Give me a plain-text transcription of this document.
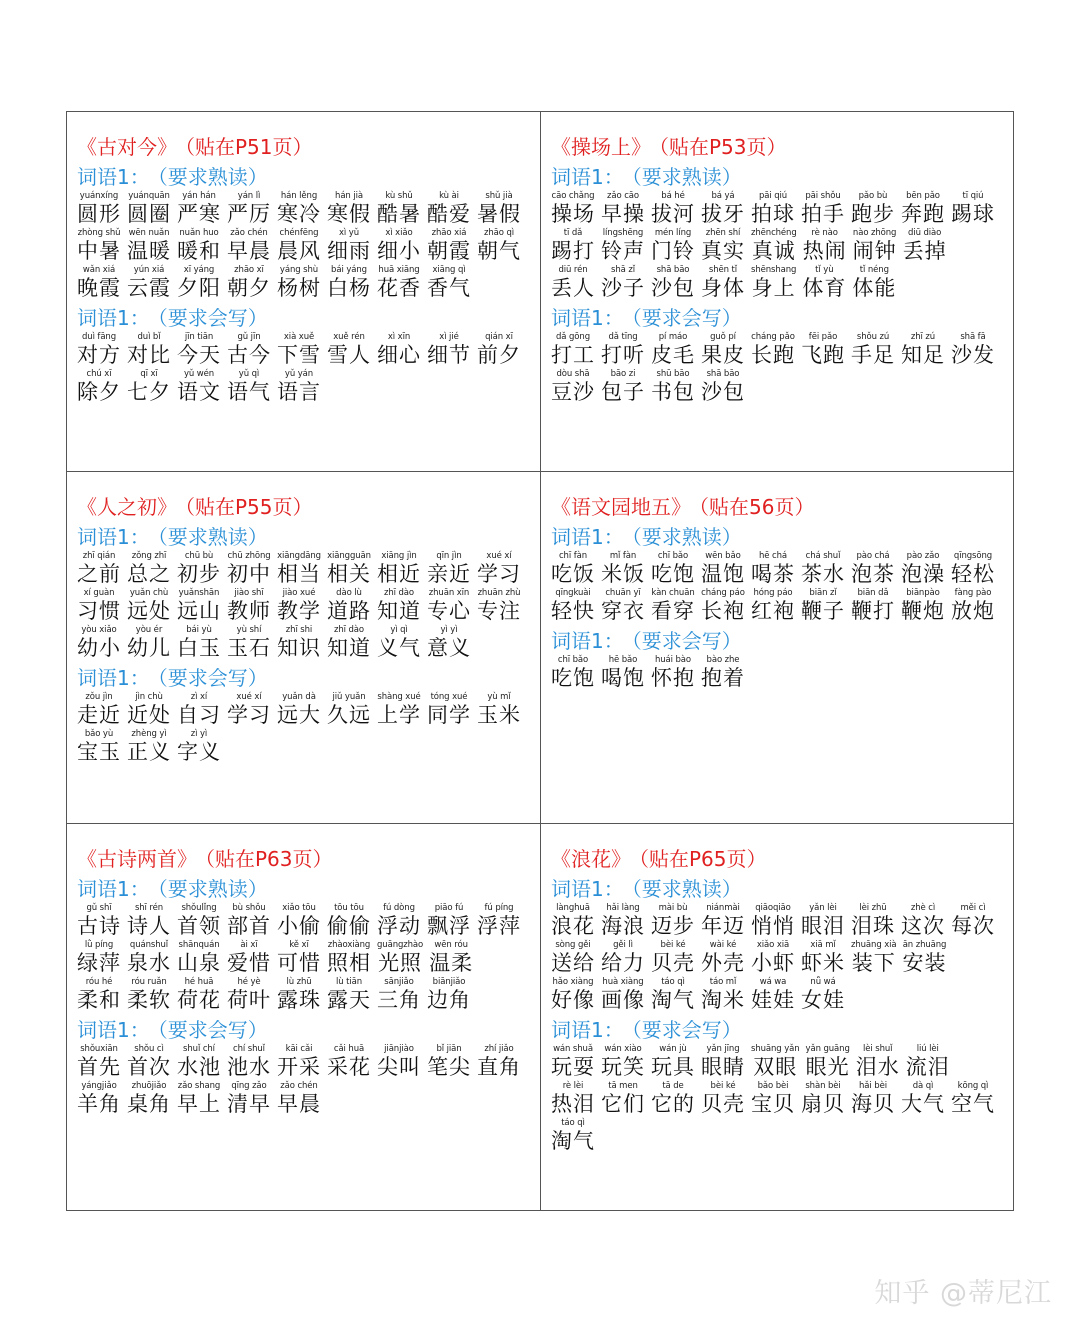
《古对今》 （贴在P51页）
词语1： （要求熟读）
yuánxíng
圆形
yuánquān
圆圈
yán hán
严寒
yán lì
严厉
hán lěng
寒冷
hán jià
寒假
kù shǔ
酷暑
kù ài
酷爱
shǔ jià
暑假
zhòng shǔ
中暑
wēn nuǎn
温暖
nuǎn huo
暖和
zǎo chén
早晨
chénfēng
晨风
xì yǔ
细雨
xì xiǎo
细小
zhāo xiá
朝霞
zhāo qì
朝气
wǎn xiá
晚霞
yún xiá
云霞
xī yáng
夕阳
zhāo xī
朝夕
yáng shù
杨树
bái yáng
白杨
huā xiāng
花香
xiāng qì
香气
词语1： （要求会写）
duì fāng
对方
duì bǐ
对比
jīn tiān
今天
gǔ jīn
古今
xià xuě
下雪
xuě rén
雪人
xì xīn
细心
xì jié
细节
qián xī
前夕
chú xī
除夕
qī xī
七夕
yǔ wén
语文
yǔ qì
语气
yǔ yán
语言
《操场上》 （贴在P53页）
词语1： （要求熟读）
cāo chǎng
操场
zǎo cāo
早操
bá hé
拔河
bá yá
拔牙
pāi qiú
拍球
pāi shǒu
拍手
pǎo bù
跑步
bēn pǎo
奔跑
tī qiú
踢球
tī dǎ
踢打
língshēng
铃声
mén líng
门铃
zhēn shí
真实
zhēnchéng
真诚
rè nào
热闹
nào zhōng
闹钟
diū diào
丢掉
diū rén
丢人
shā zǐ
沙子
shā bāo
沙包
shēn tǐ
身体
shēnshang
身上
tǐ yù
体育
tǐ néng
体能
词语1： （要求会写）
dǎ gōng
打工
dǎ tīng
打听
pí máo
皮毛
guǒ pí
果皮
cháng pǎo
长跑
fēi pǎo
飞跑
shǒu zú
手足
zhī zú
知足
shā fā
沙发
dòu shā
豆沙
bāo zi
包子
shū bāo
书包
shā bāo
沙包
《人之初》 （贴在P55页）
词语1： （要求熟读）
zhī qián
之前
zǒng zhī
总之
chū bù
初步
chū zhōng
初中
xiāngdāng
相当
xiāngguān
相关
xiāng jìn
相近
qīn jìn
亲近
xué xí
学习
xí guàn
习惯
yuǎn chù
远处
yuǎnshān
远山
jiào shī
教师
jiào xué
教学
dào lù
道路
zhī dào
知道
zhuān xīn
专心
zhuān zhù
专注
yòu xiǎo
幼小
yòu ér
幼儿
bái yù
白玉
yù shí
玉石
zhī shi
知识
zhī dào
知道
yì qì
义气
yì yì
意义
词语1： （要求会写）
zǒu jìn
走近
jìn chù
近处
zì xí
自习
xué xí
学习
yuǎn dà
远大
jiǔ yuǎn
久远
shàng xué
上学
tóng xué
同学
yù mǐ
玉米
bǎo yù
宝玉
zhèng yì
正义
zì yì
字义
《语文园地五》 （贴在56页）
词语1： （要求熟读）
chī fàn
吃饭
mǐ fàn
米饭
chī bǎo
吃饱
wēn bǎo
温饱
hē chá
喝茶
chá shuǐ
茶水
pào chá
泡茶
pào zǎo
泡澡
qīngsōng
轻松
qīngkuài
轻快
chuān yī
穿衣
kàn chuān
看穿
cháng páo
长袍
hóng páo
红袍
biān zǐ
鞭子
biān dǎ
鞭打
biānpào
鞭炮
fàng pào
放炮
词语1： （要求会写）
chī bǎo
吃饱
hē bǎo
喝饱
huái bào
怀抱
bào zhe
抱着
《古诗两首》 （贴在P63页）
词语1： （要求熟读）
gǔ shī
古诗
shī rén
诗人
shǒulǐng
首领
bù shǒu
部首
xiǎo tōu
小偷
tōu tōu
偷偷
fú dòng
浮动
piāo fú
飘浮
fú píng
浮萍
lǜ píng
绿萍
quánshuǐ
泉水
shānquán
山泉
ài xī
爱惜
kě xī
可惜
zhàoxiàng
照相
guāngzhào
光照
wēn róu
温柔
róu hé
柔和
róu ruǎn
柔软
hé huā
荷花
hé yè
荷叶
lù zhū
露珠
lù tiān
露天
sānjiǎo
三角
biānjiǎo
边角
词语1： （要求会写）
shǒuxiān
首先
shǒu cì
首次
shuǐ chí
水池
chí shuǐ
池水
kāi cǎi
开采
cǎi huā
采花
jiānjiào
尖叫
bǐ jiān
笔尖
zhí jiǎo
直角
yángjiǎo
羊角
zhuōjiǎo
桌角
zǎo shang
早上
qīng zǎo
清早
zǎo chén
早晨
《浪花》 （贴在P65页）
词语1： （要求熟读）
lànghuā
浪花
hǎi làng
海浪
mài bù
迈步
niánmài
年迈
qiāoqiāo
悄悄
yǎn lèi
眼泪
lèi zhū
泪珠
zhè cì
这次
měi cì
每次
sòng gěi
送给
gěi lì
给力
bèi ké
贝壳
wài ké
外壳
xiǎo xiā
小虾
xiā mǐ
虾米
zhuāng xià
装下
ān zhuāng
安装
hǎo xiàng
好像
huà xiàng
画像
táo qì
淘气
táo mǐ
淘米
wá wa
娃娃
nǚ wá
女娃
词语1： （要求会写）
wán shuǎ
玩耍
wán xiào
玩笑
wán jù
玩具
yǎn jīng
眼睛
shuāng yǎn
双眼
yǎn guāng
眼光
lèi shuǐ
泪水
liú lèi
流泪
rè lèi
热泪
tā men
它们
tā de
它的
bèi ké
贝壳
bǎo bèi
宝贝
shàn bèi
扇贝
hǎi bèi
海贝
dà qì
大气
kōng qì
空气
táo qì
淘气
知乎 @蒂尼江
